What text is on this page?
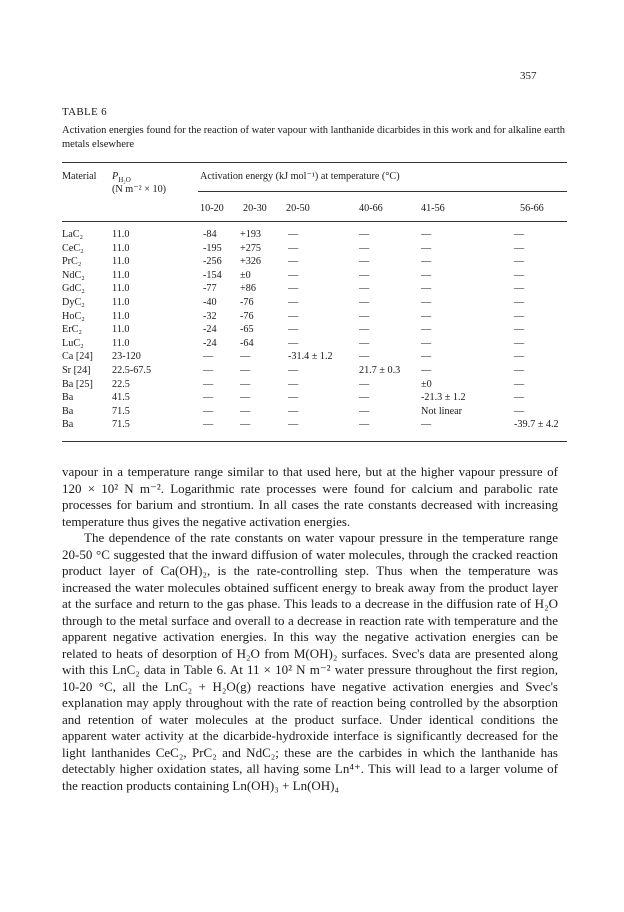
357
TABLE 6
Activation energies found for the reaction of water vapour with lanthanide dicarbides in this work and for alkaline earth metals elsewhere
Material $P_{H_2O}$
(N m⁻² × 10)
Activation energy (kJ mol⁻¹) at temperature (°C)
10-20 20-30 20-50	40-66	41-56	56-66
LaC₂	11.0	-84 +193	—	—	—	—
CeC₂	11.0	-195 +275	—	—	—	—
PrC₂	11.0	-256 +326	—	—	—	—
NdC₂	11.0	-154 ±0	—	—	—	—
GdC₂	11.0	-77 +86	—	—	—	—
DyC₂	11.0	-40 -76	—	—	—	—
HoC₂	11.0	-32 -76	—	—	—	—
ErC₂	11.0	-24 -65	—	—	—	—
LuC₂	11.0	-24 -64	—	—	—	—
Ca [24] 23-120	—	—	-31.4 ± 1.2	—	—	—
Sr [24] 22.5-67.5	—	—	—	21.7 ± 0.3 —	—
Ba [25] 22.5	—	—	—	—	±0	—
Ba	41.5	—	—	—	—	-21.3 ± 1.2	—
Ba	71.5	—	—	—	—	Not linear	—
Ba	71.5	—	—	—	—	—	-39.7 ± 4.2

vapour in a temperature range similar to that used here, but at the higher vapour pressure of 120 × 10² N m⁻². Logarithmic rate processes were found for calcium and parabolic rate processes for barium and strontium. In all cases the rate constants decreased with increasing temperature thus gives the negative activation energies.

The dependence of the rate constants on water vapour pressure in the temperature range 20-50 °C suggested that the inward diffusion of water molecules, through the cracked reaction product layer of Ca(OH)₂, is the rate-controlling step. Thus when the temperature was increased the water molecules obtained sufficent energy to break away from the product layer at the surface and return to the gas phase. This leads to a decrease in the diffusion rate of H₂O through to the metal surface and overall to a decrease in reaction rate with temperature and the apparent negative activation energies. In this way the negative activation energies can be related to heats of desorption of H₂O from M(OH)₂ surfaces. Svec's data are presented along with this LnC₂ data in Table 6. At 11 × 10² N m⁻² water pressure throughout the first region, 10-20 °C, all the LnC₂ + H₂O(g) reactions have negative activation energies and Svec's explanation may apply throughout with the rate of reaction being controlled by the absorption and retention of water molecules at the product surface. Under identical conditions the apparent water activity at the dicarbide-hydroxide interface is significantly decreased for the light lanthanides CeC₂, PrC₂ and NdC₂; these are the carbides in which the lanthanide has detectably higher oxidation states, all having some Ln⁴⁺. This will lead to a larger volume of the reaction products containing Ln(OH)₃ + Ln(OH)₄
